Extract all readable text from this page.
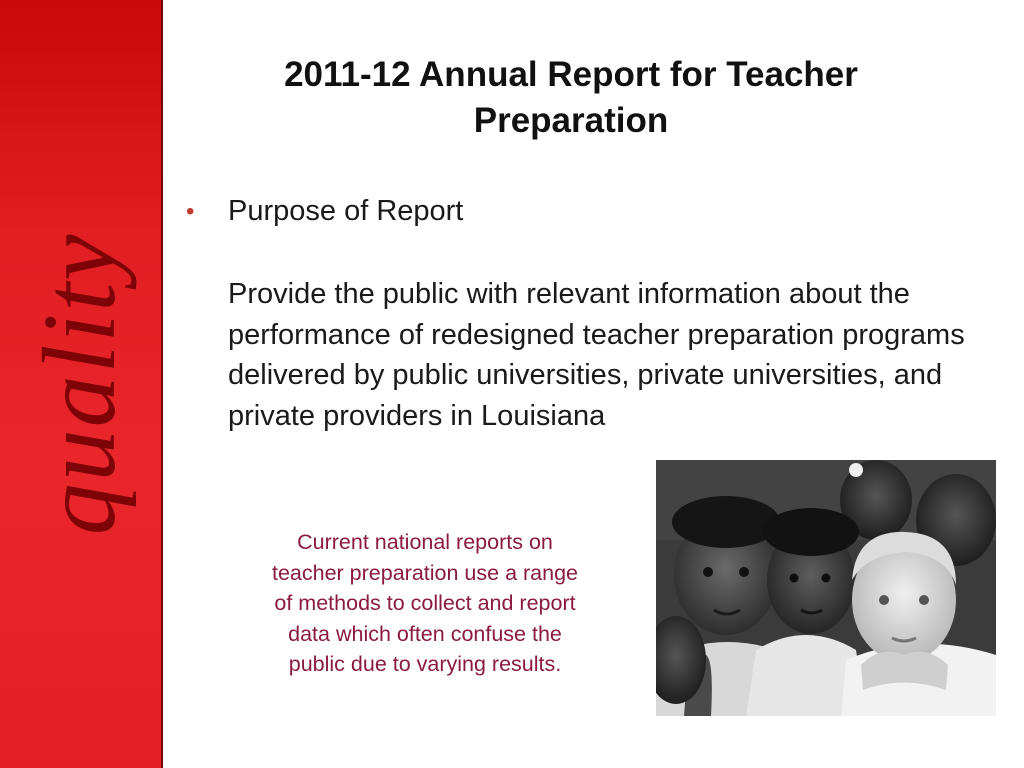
quality
2011-12 Annual Report for Teacher Preparation
• Purpose of Report

Provide the public with relevant information about the performance of redesigned teacher preparation programs delivered by public universities, private universities, and private providers in Louisiana

Current national reports on teacher preparation use a range of methods to collect and report data which often confuse the public due to varying results.
